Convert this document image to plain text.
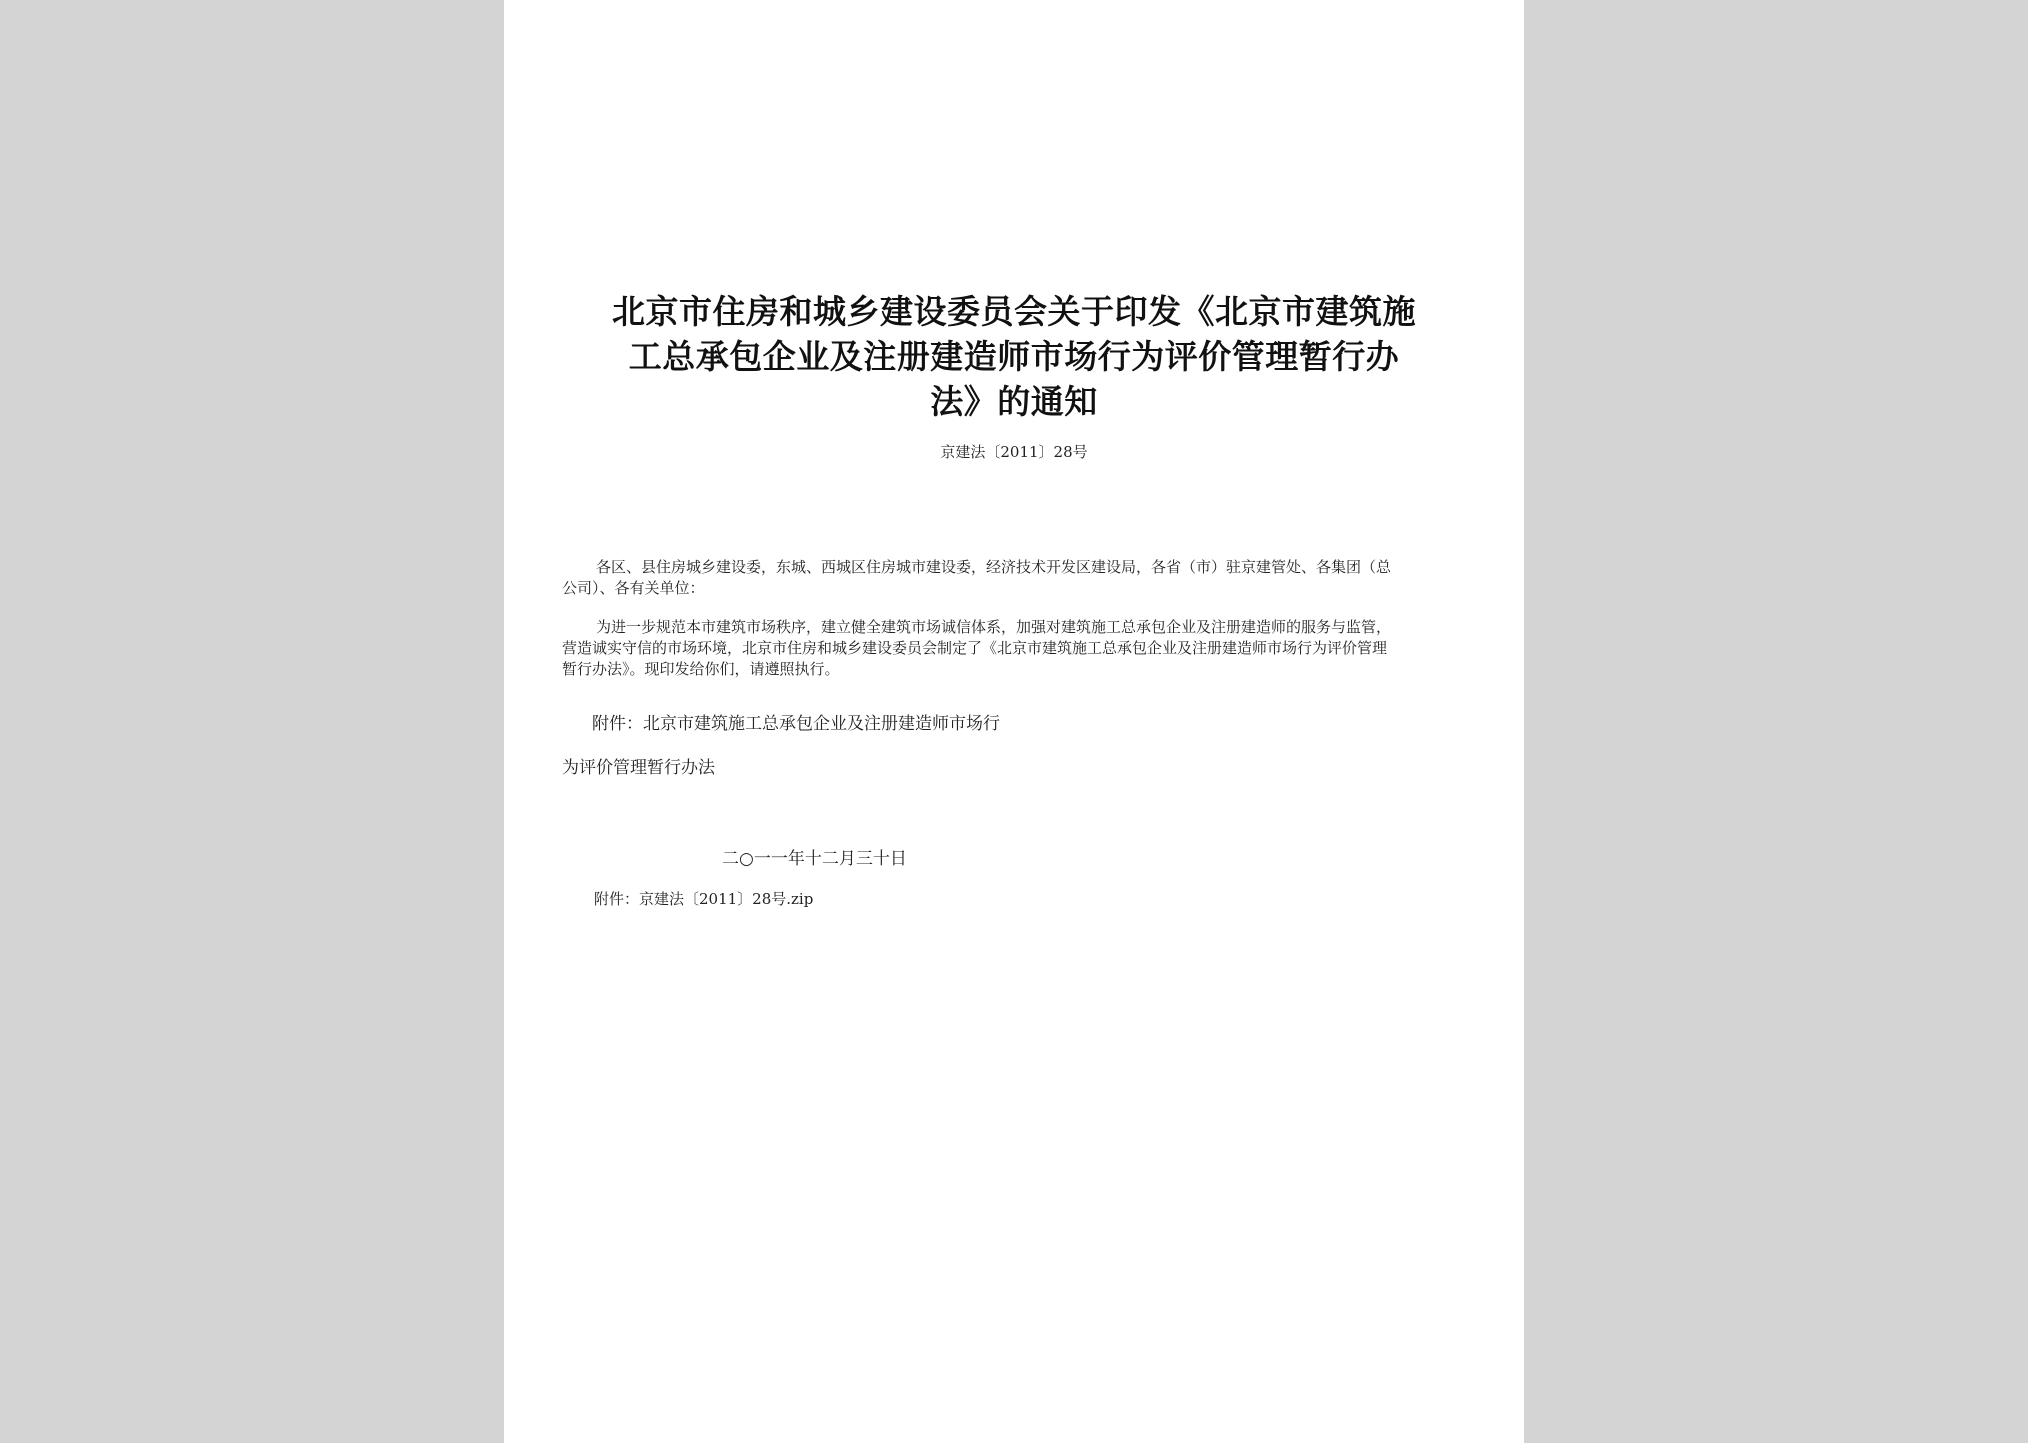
北京市住房和城乡建设委员会关于印发《北京市建筑施
工总承包企业及注册建造师市场行为评价管理暂行办
法》的通知
京建法〔2011〕28号
各区、县住房城乡建设委，东城、西城区住房城市建设委，经济技术开发区建设局，各省（市）驻京建管处、各集团（总
公司）、各有关单位：
为进一步规范本市建筑市场秩序，建立健全建筑市场诚信体系，加强对建筑施工总承包企业及注册建造师的服务与监管，
营造诚实守信的市场环境，北京市住房和城乡建设委员会制定了《北京市建筑施工总承包企业及注册建造师市场行为评价管理
暂行办法》。现印发给你们，请遵照执行。
附件：北京市建筑施工总承包企业及注册建造师市场行
为评价管理暂行办法
二○一一年十二月三十日
附件：京建法〔2011〕28号.zip
